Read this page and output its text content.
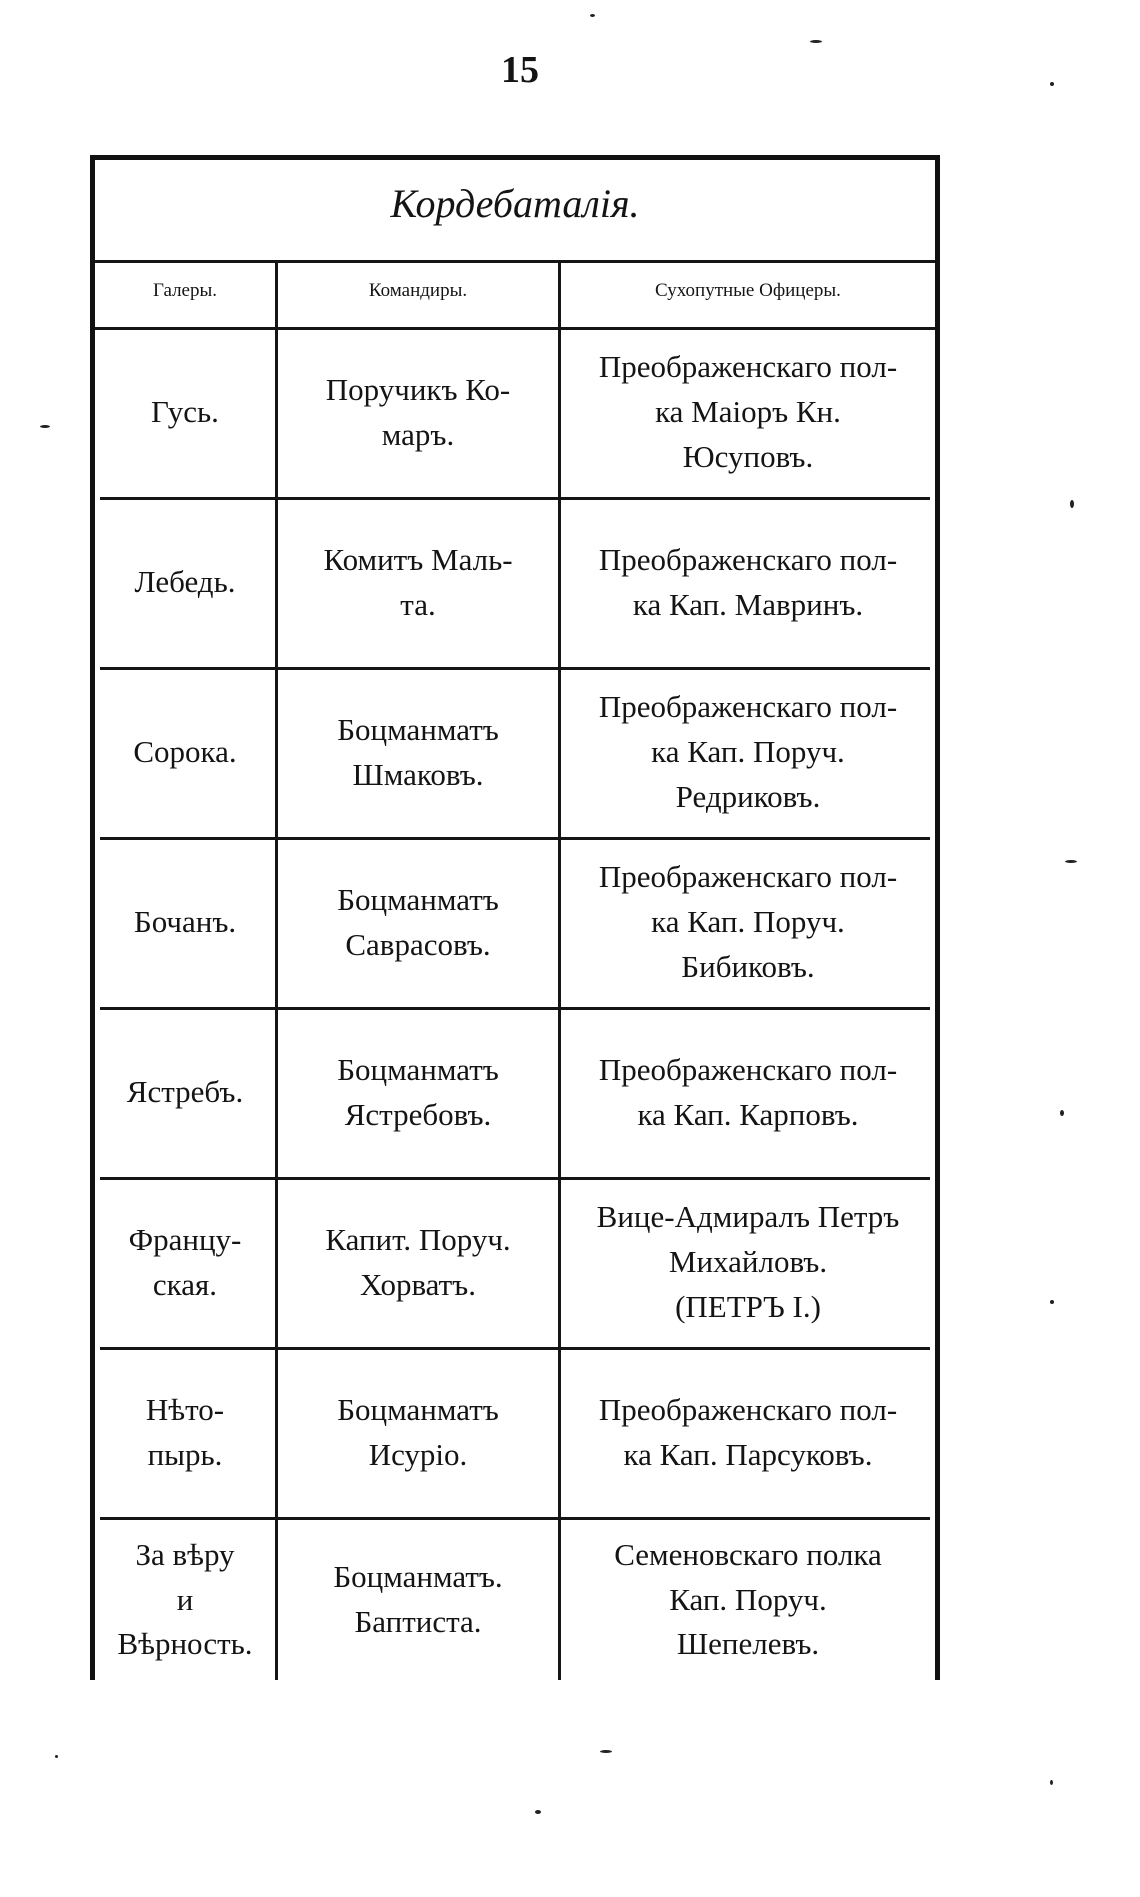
15
Кордебаталія.
Галеры.	Командиры.	Сухопутные Офицеры.
Гусь.
Поручикъ Ко-
маръ.
Преображенскаго пол-
ка Маіоръ Кн.
Юсуповъ.
Лебедь.
Комитъ Маль-
та.
Преображенскаго пол-
ка Кап. Мавринъ.
Сорока.
Боцманматъ
Шмаковъ.
Преображенскаго пол-
ка Кап. Поруч.
Редриковъ.
Бочанъ.
Боцманматъ
Саврасовъ.
Преображенскаго пол-
ка Кап. Поруч.
Бибиковъ.
Ястребъ.
Боцманматъ
Ястребовъ.
Преображенскаго пол-
ка Кап. Карповъ.
Францу-
ская.
Капит. Поруч.
Хорватъ.
Вице-Адмиралъ Петръ
Михайловъ.
(ПЕТРЪ I.)
Нѣто-
пырь.
Боцманматъ
Исурio.
Преображенскаго пол-
ка Кап. Парсуковъ.
За вѣру
и
Вѣрность.
Боцманматъ.
Баптиста.
Семеновскаго полка
Кап. Поруч.
Шепелевъ.
